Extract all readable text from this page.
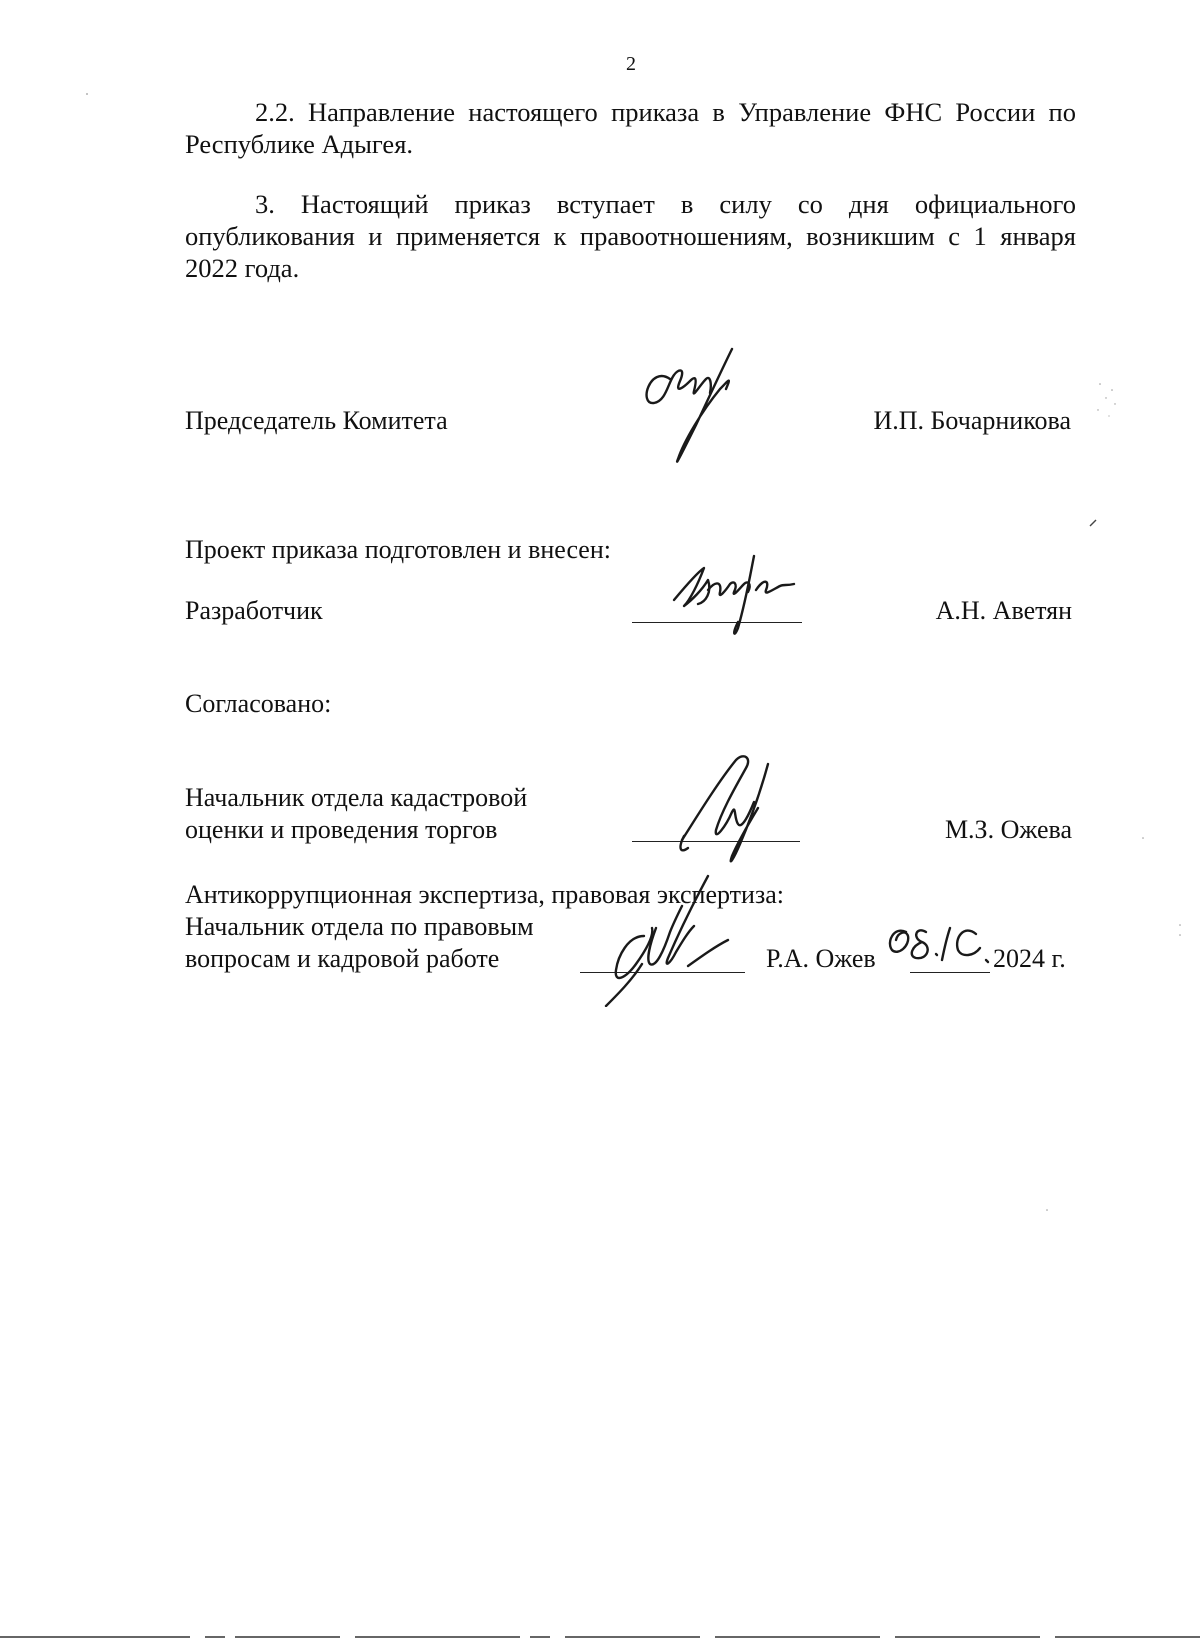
2
2.2. Направление настоящего приказа в Управление ФНС России по Республике Адыгея.
3. Настоящий приказ вступает в силу со дня официального опубликования и применяется к правоотношениям, возникшим с 1 января 2022 года.
Председатель Комитета	И.П. Бочарникова
Проект приказа подготовлен и внесен:
Разработчик	А.Н. Аветян
Согласовано:
Начальник отдела кадастровой
оценки и проведения торгов	М.З. Ожева
Антикоррупционная экспертиза, правовая экспертиза:
Начальник отдела по правовым
вопросам и кадровой работе	Р.А. Ожев	2024 г.
